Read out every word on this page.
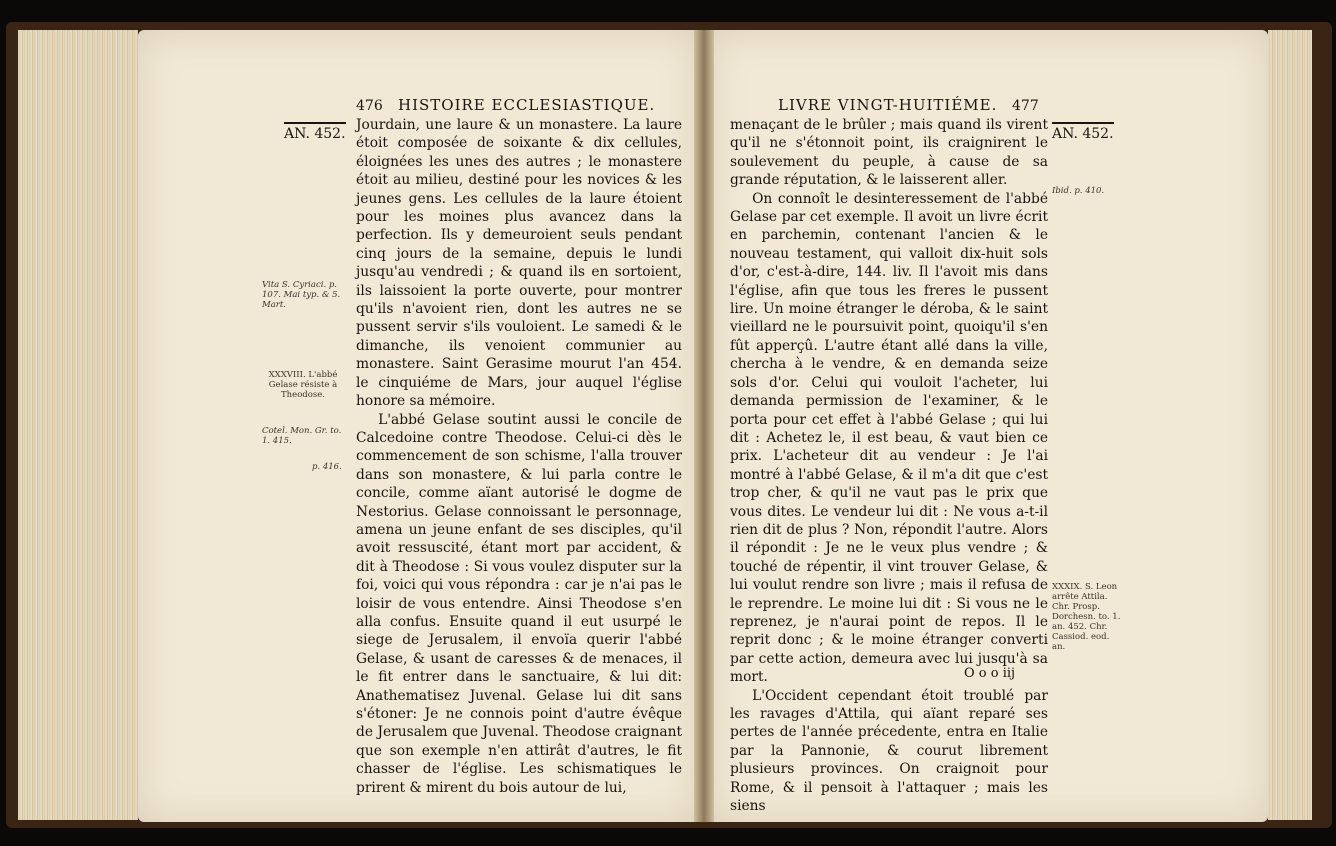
476 HISTOIRE ECCLESIASTIQUE.
AN. 452.
Vita S. Cyriaci. p. 107. Mai typ. & 5. Mart.
XXXVIII. L'abbé Gelase résiste à Theodose.
Cotel. Mon. Gr. to. 1. 415.
p. 416.

Jourdain, une laure & un monastere. La laure étoit composée de soixante & dix cellules, éloignées les unes des autres ; le monastere étoit au milieu, destiné pour les novices & les jeunes gens. Les cellules de la laure étoient pour les moines plus avancez dans la perfection. Ils y demeuroient seuls pendant cinq jours de la semaine, depuis le lundi jusqu'au vendredi ; & quand ils en sortoient, ils laissoient la porte ouverte, pour montrer qu'ils n'avoient rien, dont les autres ne se pussent servir s'ils vouloient. Le samedi & le dimanche, ils venoient communier au monastere. Saint Gerasime mourut l'an 454. le cinquiéme de Mars, jour auquel l'église honore sa mémoire.

L'abbé Gelase soutint aussi le concile de Calcedoine contre Theodose. Celui-ci dès le commencement de son schisme, l'alla trouver dans son monastere, & lui parla contre le concile, comme aïant autorisé le dogme de Nestorius. Gelase connoissant le personnage, amena un jeune enfant de ses disciples, qu'il avoit ressuscité, étant mort par accident, & dit à Theodose : Si vous voulez disputer sur la foi, voici qui vous répondra : car je n'ai pas le loisir de vous entendre. Ainsi Theodose s'en alla confus. Ensuite quand il eut usurpé le siege de Jerusalem, il envoïa querir l'abbé Gelase, & usant de caresses & de menaces, il le fit entrer dans le sanctuaire, & lui dit: Anathematisez Juvenal. Gelase lui dit sans s'étoner: Je ne connois point d'autre évêque de Jerusalem que Juvenal. Theodose craignant que son exemple n'en attirât d'autres, le fit chasser de l'église. Les schismatiques le prirent & mirent du bois autour de lui,

LIVRE VINGT-HUITIÉME. 477
AN. 452.
Ibid. p. 410.
XXXIX. S. Leon arrête Attila. Chr. Prosp. Dorchesn. to. 1. an. 452. Chr. Cassiod. eod. an.

menaçant de le brûler ; mais quand ils virent qu'il ne s'étonnoit point, ils craignirent le soulevement du peuple, à cause de sa grande réputation, & le laisserent aller.

On connoît le desinteressement de l'abbé Gelase par cet exemple. Il avoit un livre écrit en parchemin, contenant l'ancien & le nouveau testament, qui valloit dix-huit sols d'or, c'est-à-dire, 144. liv. Il l'avoit mis dans l'église, afin que tous les freres le pussent lire. Un moine étranger le déroba, & le saint vieillard ne le poursuivit point, quoiqu'il s'en fût apperçû. L'autre étant allé dans la ville, chercha à le vendre, & en demanda seize sols d'or. Celui qui vouloit l'acheter, lui demanda permission de l'examiner, & le porta pour cet effet à l'abbé Gelase ; qui lui dit : Achetez le, il est beau, & vaut bien ce prix. L'acheteur dit au vendeur : Je l'ai montré à l'abbé Gelase, & il m'a dit que c'est trop cher, & qu'il ne vaut pas le prix que vous dites. Le vendeur lui dit : Ne vous a-t-il rien dit de plus ? Non, répondit l'autre. Alors il répondit : Je ne le veux plus vendre ; & touché de répentir, il vint trouver Gelase, & lui voulut rendre son livre ; mais il refusa de le reprendre. Le moine lui dit : Si vous ne le reprenez, je n'aurai point de repos. Il le reprit donc ; & le moine étranger converti par cette action, demeura avec lui jusqu'à sa mort.

L'Occident cependant étoit troublé par les ravages d'Attila, qui aïant reparé ses pertes de l'année précedente, entra en Italie par la Pannonie, & courut librement plusieurs provinces. On craignoit pour Rome, & il pensoit à l'attaquer ; mais les siens

O o o iij
